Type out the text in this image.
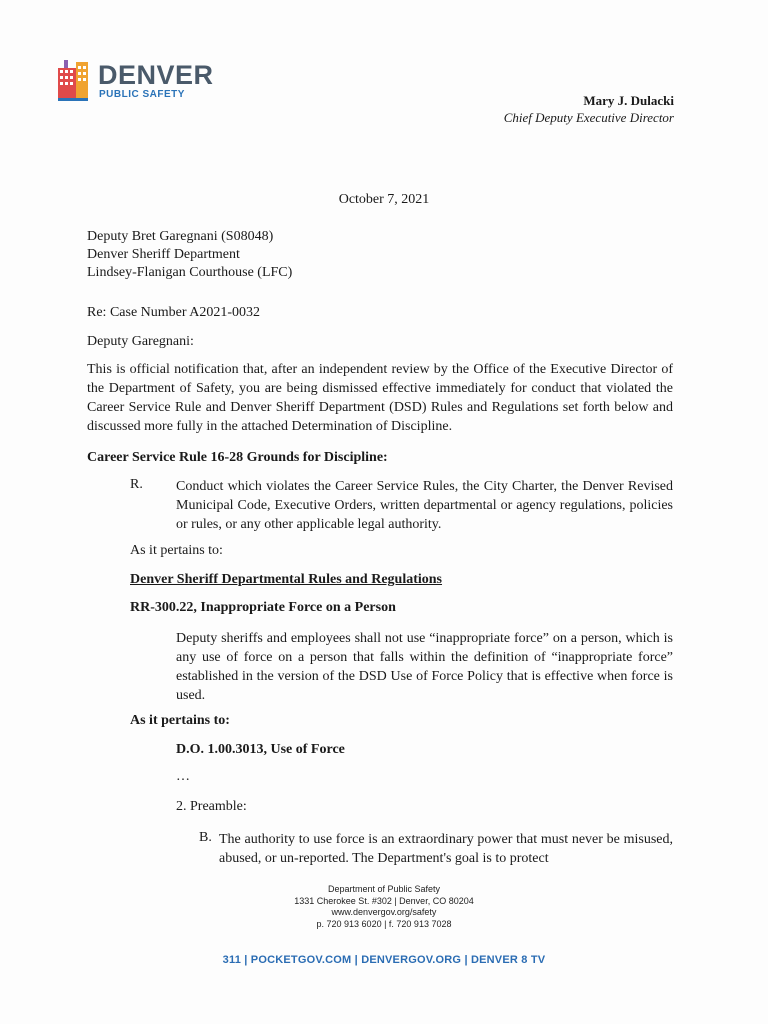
DENVER
PUBLIC SAFETY	Mary J. Dulacki
Chief Deputy Executive Director
October 7, 2021
Deputy Bret Garegnani (S08048)
Denver Sheriff Department
Lindsey-Flanigan Courthouse (LFC)
Re: Case Number A2021-0032
Deputy Garegnani:
This is official notification that, after an independent review by the Office of the Executive Director of the Department of Safety, you are being dismissed effective immediately for conduct that violated the Career Service Rule and Denver Sheriff Department (DSD) Rules and Regulations set forth below and discussed more fully in the attached Determination of Discipline.
Career Service Rule 16-28 Grounds for Discipline:
R. Conduct which violates the Career Service Rules, the City Charter, the Denver Revised Municipal Code, Executive Orders, written departmental or agency regulations, policies or rules, or any other applicable legal authority.
As it pertains to:
Denver Sheriff Departmental Rules and Regulations
RR-300.22, Inappropriate Force on a Person
Deputy sheriffs and employees shall not use “inappropriate force” on a person, which is any use of force on a person that falls within the definition of “inappropriate force” established in the version of the DSD Use of Force Policy that is effective when force is used.
As it pertains to:
D.O. 1.00.3013, Use of Force
…
2. Preamble:
B. The authority to use force is an extraordinary power that must never be misused, abused, or un-reported. The Department's goal is to protect
Department of Public Safety
1331 Cherokee St. #302 | Denver, CO 80204
www.denvergov.org/safety
p. 720 913 6020 | f. 720 913 7028
311 | POCKETGOV.COM | DENVERGOV.ORG | DENVER 8 TV
